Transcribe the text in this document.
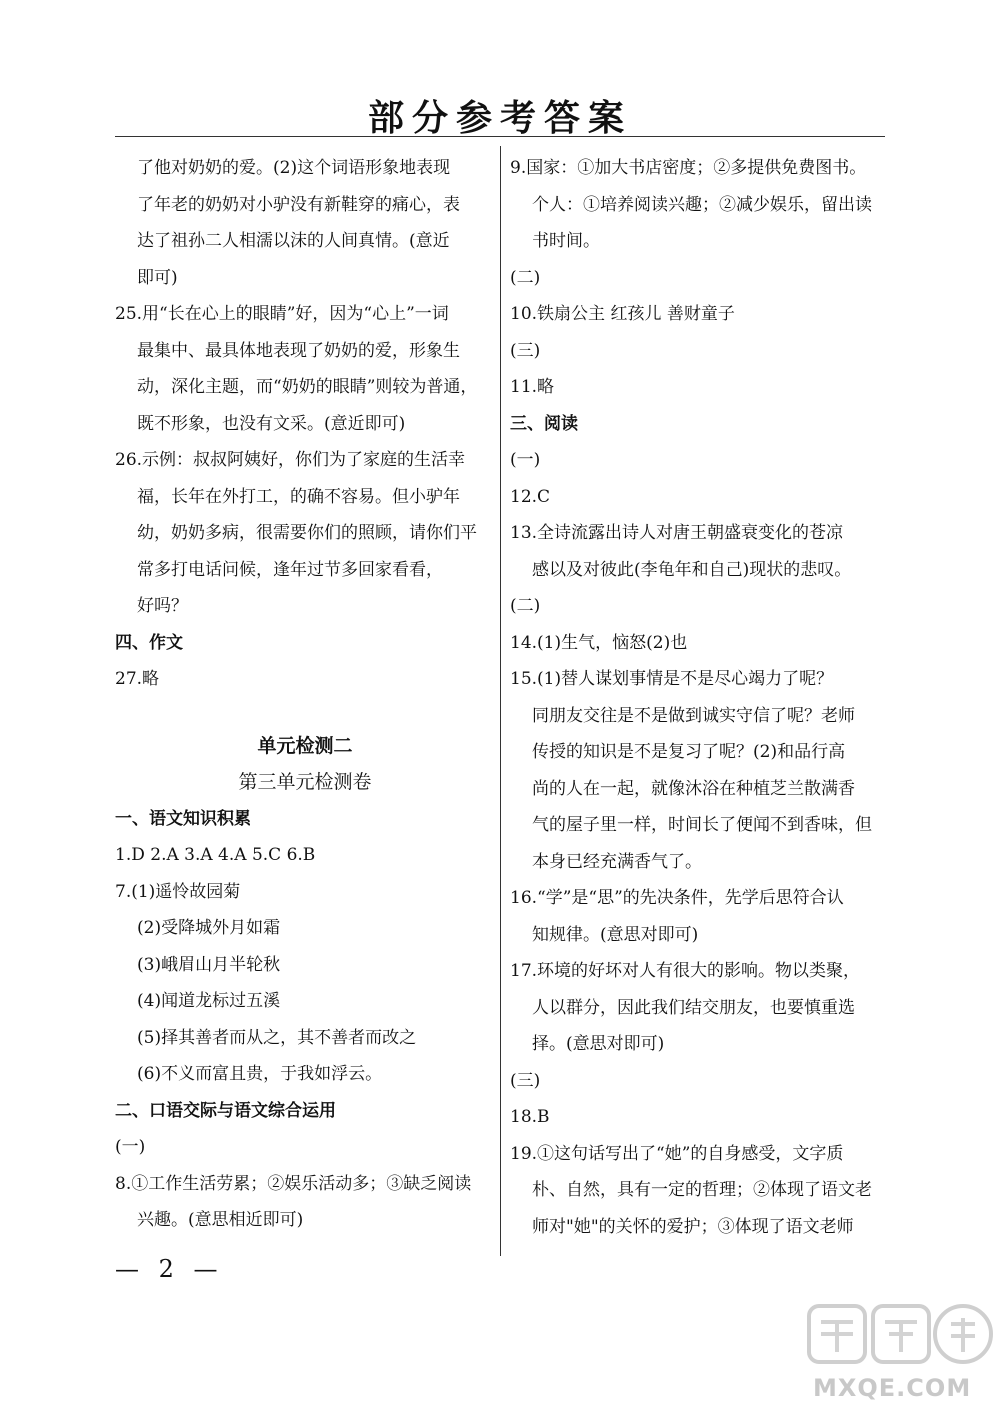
部分参考答案
了他对奶奶的爱。(2)这个词语形象地表现
了年老的奶奶对小驴没有新鞋穿的痛心，表
达了祖孙二人相濡以沫的人间真情。(意近
即可)
25.用“长在心上的眼睛”好，因为“心上”一词
最集中、最具体地表现了奶奶的爱，形象生
动，深化主题，而“奶奶的眼睛”则较为普通，
既不形象，也没有文采。(意近即可)
26.示例：叔叔阿姨好，你们为了家庭的生活幸
福，长年在外打工，的确不容易。但小驴年
幼，奶奶多病，很需要你们的照顾，请你们平
常多打电话问候，逢年过节多回家看看，
好吗？
四、作文
27.略
单元检测二
第三单元检测卷
一、语文知识积累
1.D 2.A 3.A 4.A 5.C 6.B
7.(1)遥怜故园菊
(2)受降城外月如霜
(3)峨眉山月半轮秋
(4)闻道龙标过五溪
(5)择其善者而从之，其不善者而改之
(6)不义而富且贵，于我如浮云。
二、口语交际与语文综合运用
(一)
8.①工作生活劳累；②娱乐活动多；③缺乏阅读
兴趣。(意思相近即可)
9.国家：①加大书店密度；②多提供免费图书。
个人：①培养阅读兴趣；②减少娱乐，留出读
书时间。
(二)
10.铁扇公主 红孩儿 善财童子
(三)
11.略
三、阅读
(一)
12.C
13.全诗流露出诗人对唐王朝盛衰变化的苍凉
感以及对彼此(李龟年和自己)现状的悲叹。
(二)
14.(1)生气，恼怒(2)也
15.(1)替人谋划事情是不是尽心竭力了呢？
同朋友交往是不是做到诚实守信了呢？老师
传授的知识是不是复习了呢？(2)和品行高
尚的人在一起，就像沐浴在种植芝兰散满香
气的屋子里一样，时间长了便闻不到香味，但
本身已经充满香气了。
16.“学”是“思”的先决条件，先学后思符合认
知规律。(意思对即可)
17.环境的好坏对人有很大的影响。物以类聚，
人以群分，因此我们结交朋友，也要慎重选
择。(意思对即可)
(三)
18.B
19.①这句话写出了“她”的自身感受，文字质
朴、自然，具有一定的哲理；②体现了语文老
师对"她"的关怀的爱护；③体现了语文老师
— 2 —
MXQE.COM
